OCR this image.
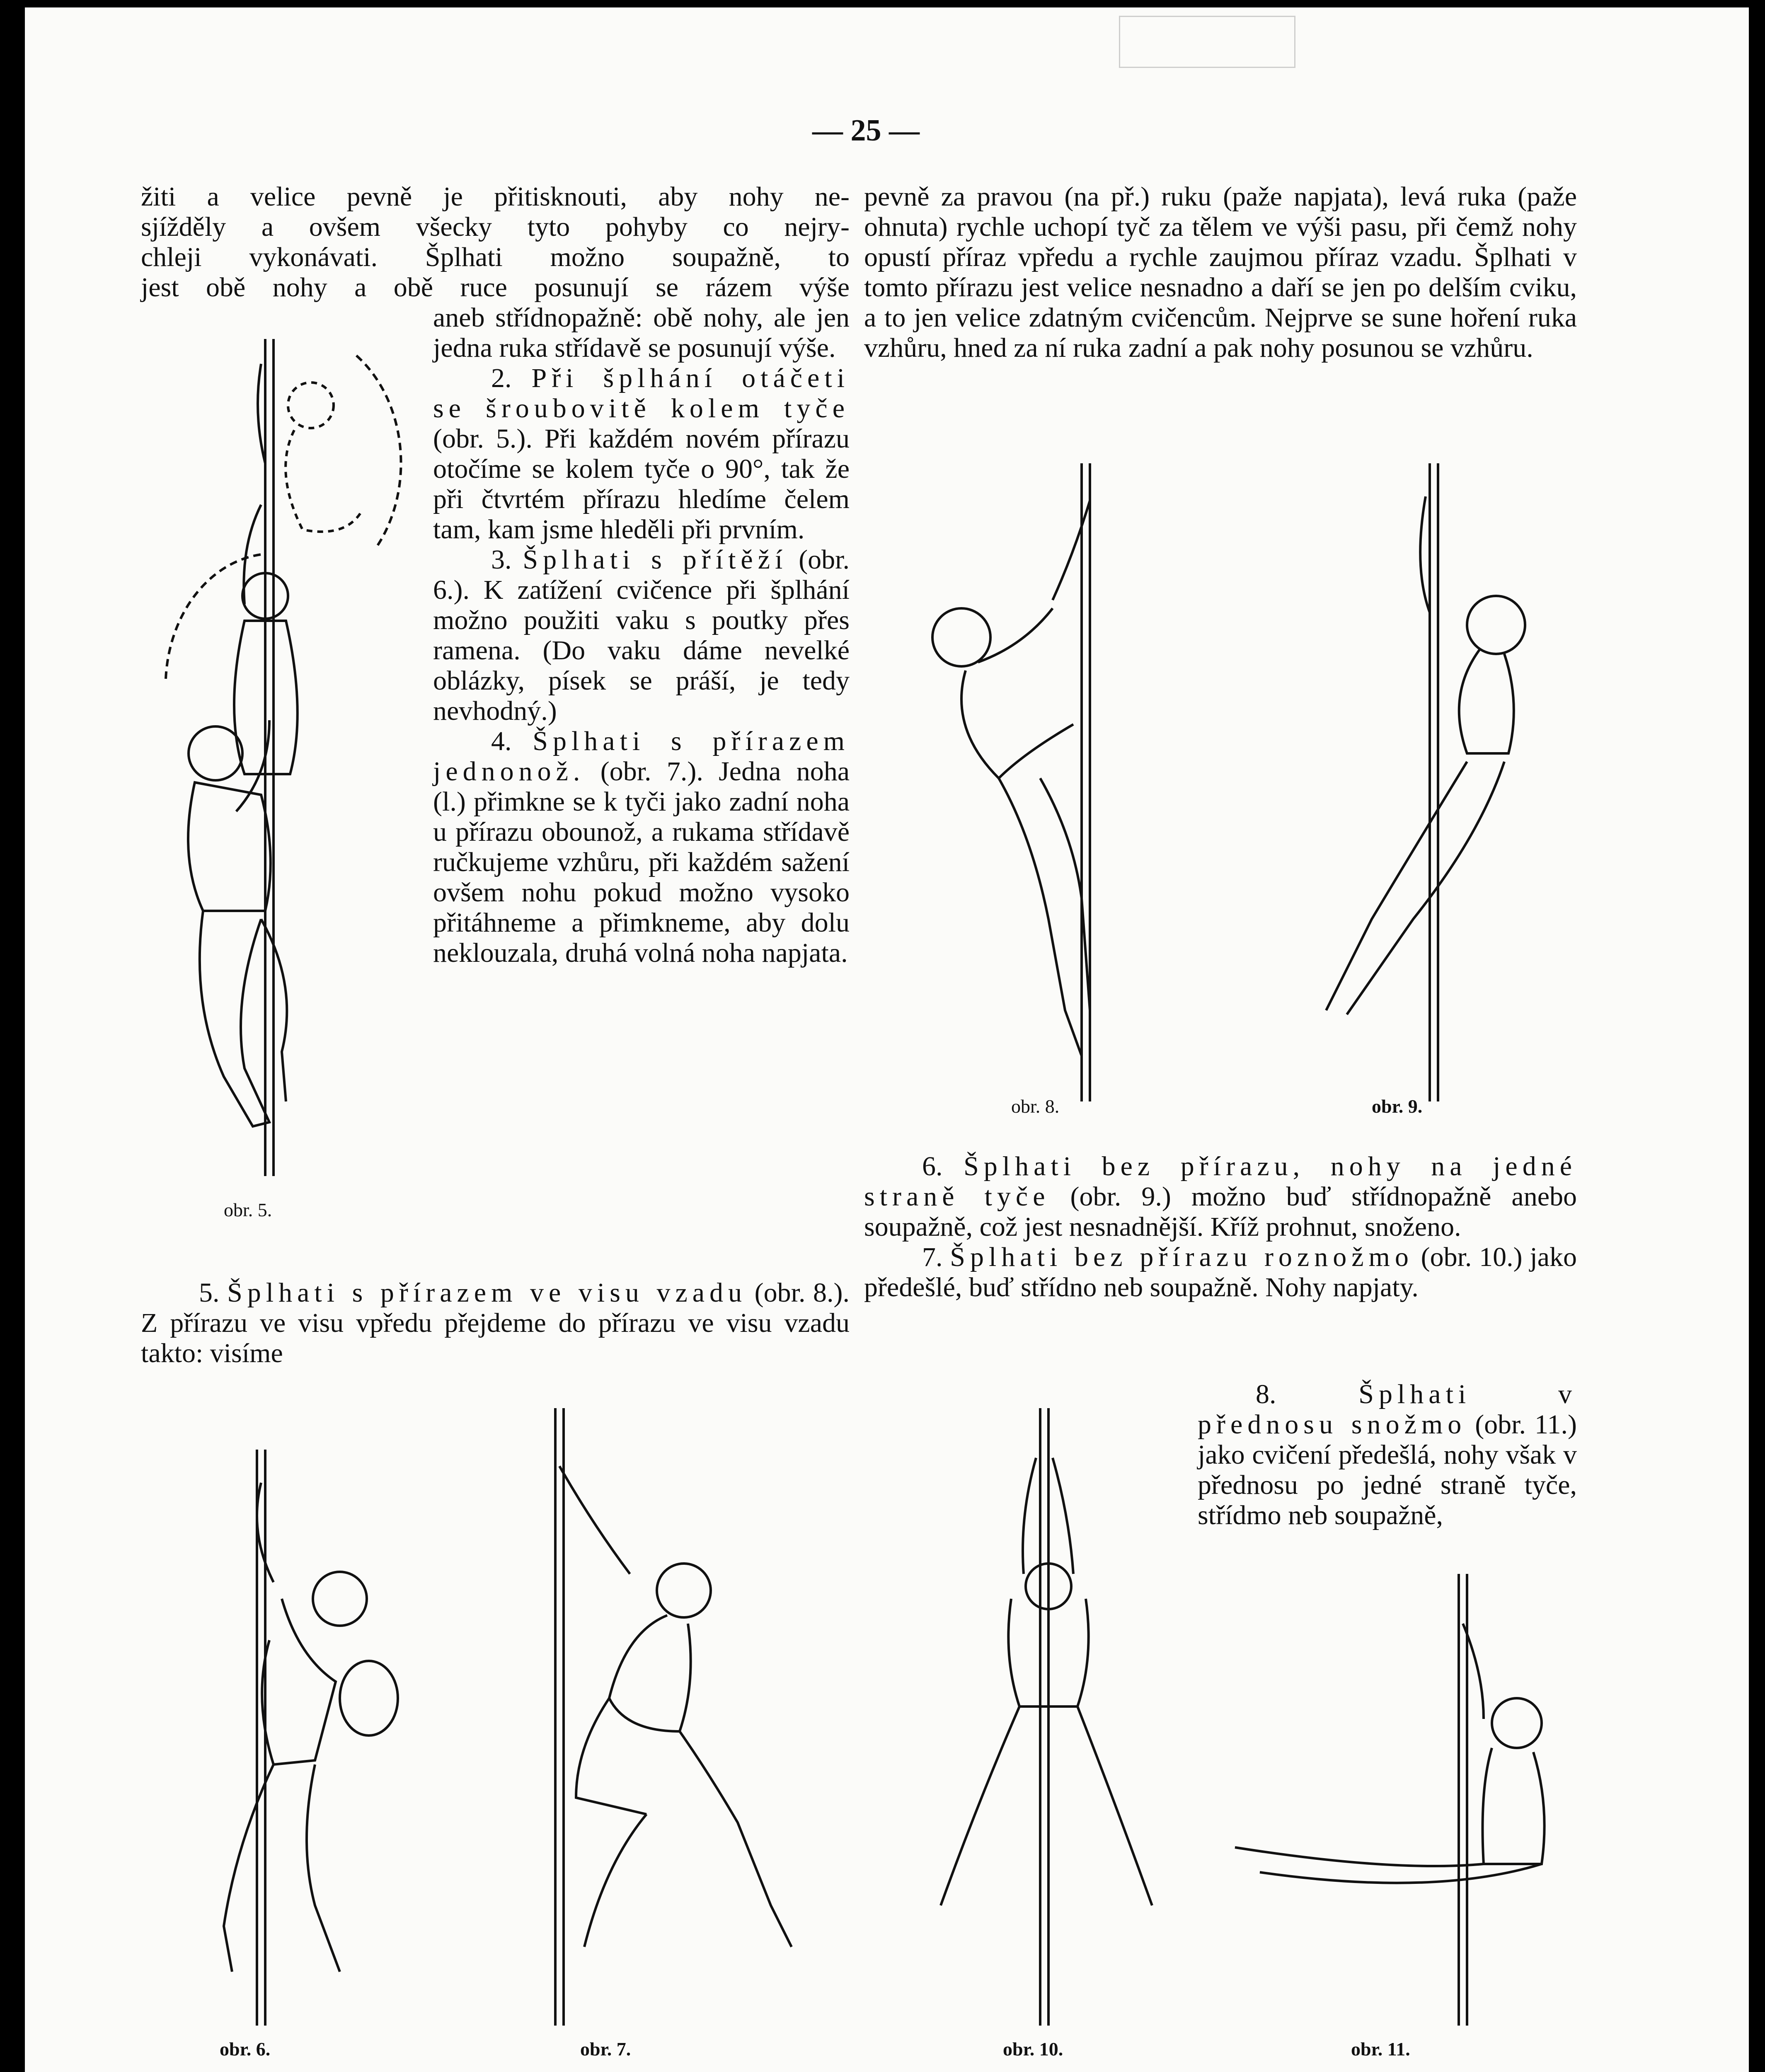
— 25 —

žiti a velice pevně je přitisknouti, aby nohy ne-

sjížděly a ovšem všecky tyto pohyby co nejry-

chleji vykonávati. Šplhati možno soupažně, to

jest obě nohy a obě ruce posunují se rázem výše

aneb střídnopažně: obě nohy, ale jen jedna ruka střídavě se posunují výše.

2. Při šplhání otáčeti se šroubovitě kolem tyče (obr. 5.). Při každém novém přírazu otočíme se kolem tyče o 90°, tak že při čtvrtém přírazu hledíme čelem tam, kam jsme hleděli při prvním.

3. Šplhati s přítěží (obr. 6.). K zatížení cvičence při šplhání možno použiti vaku s poutky přes ramena. (Do vaku dáme nevelké oblázky, písek se práší, je tedy nevhodný.)

4. Šplhati s přírazem jednonož. (obr. 7.). Jedna noha (l.) přimkne se k tyči jako zadní noha u přírazu obounož, a rukama střídavě ručkujeme vzhůru, při každém sažení ovšem nohu pokud možno vysoko přitáhneme a přimkneme, aby dolu neklouzala, druhá volná noha napjata.

5. Šplhati s přírazem ve visu vzadu (obr. 8.). Z přírazu ve visu vpředu přejdeme do přírazu ve visu vzadu takto: visíme

pevně za pravou (na př.) ruku (paže napjata), levá ruka (paže ohnuta) rychle uchopí tyč za tělem ve výši pasu, při čemž nohy opustí příraz vpředu a rychle zaujmou příraz vzadu. Šplhati v tomto přírazu jest velice nesnadno a daří se jen po delším cviku, a to jen velice zdatným cvičencům. Nejprve se sune hoření ruka vzhůru, hned za ní ruka zadní a pak nohy posunou se vzhůru.

6. Šplhati bez přírazu, nohy na jedné straně tyče (obr. 9.) možno buď střídnopažně anebo soupažně, což jest nesnadnější. Kříž prohnut, snoženo.

7. Šplhati bez přírazu roznožmo (obr. 10.) jako předešlé, buď střídno neb soupažně. Nohy napjaty.

8.	Šplhati v přednosu snožmo (obr. 11.) jako cvičení předešlá, nohy však v přednosu po jedné straně tyče, střídmo neb soupažně,

obr. 5.
obr. 8.	obr. 9.
obr. 6.	obr. 7.	obr. 10.	obr. 11.
